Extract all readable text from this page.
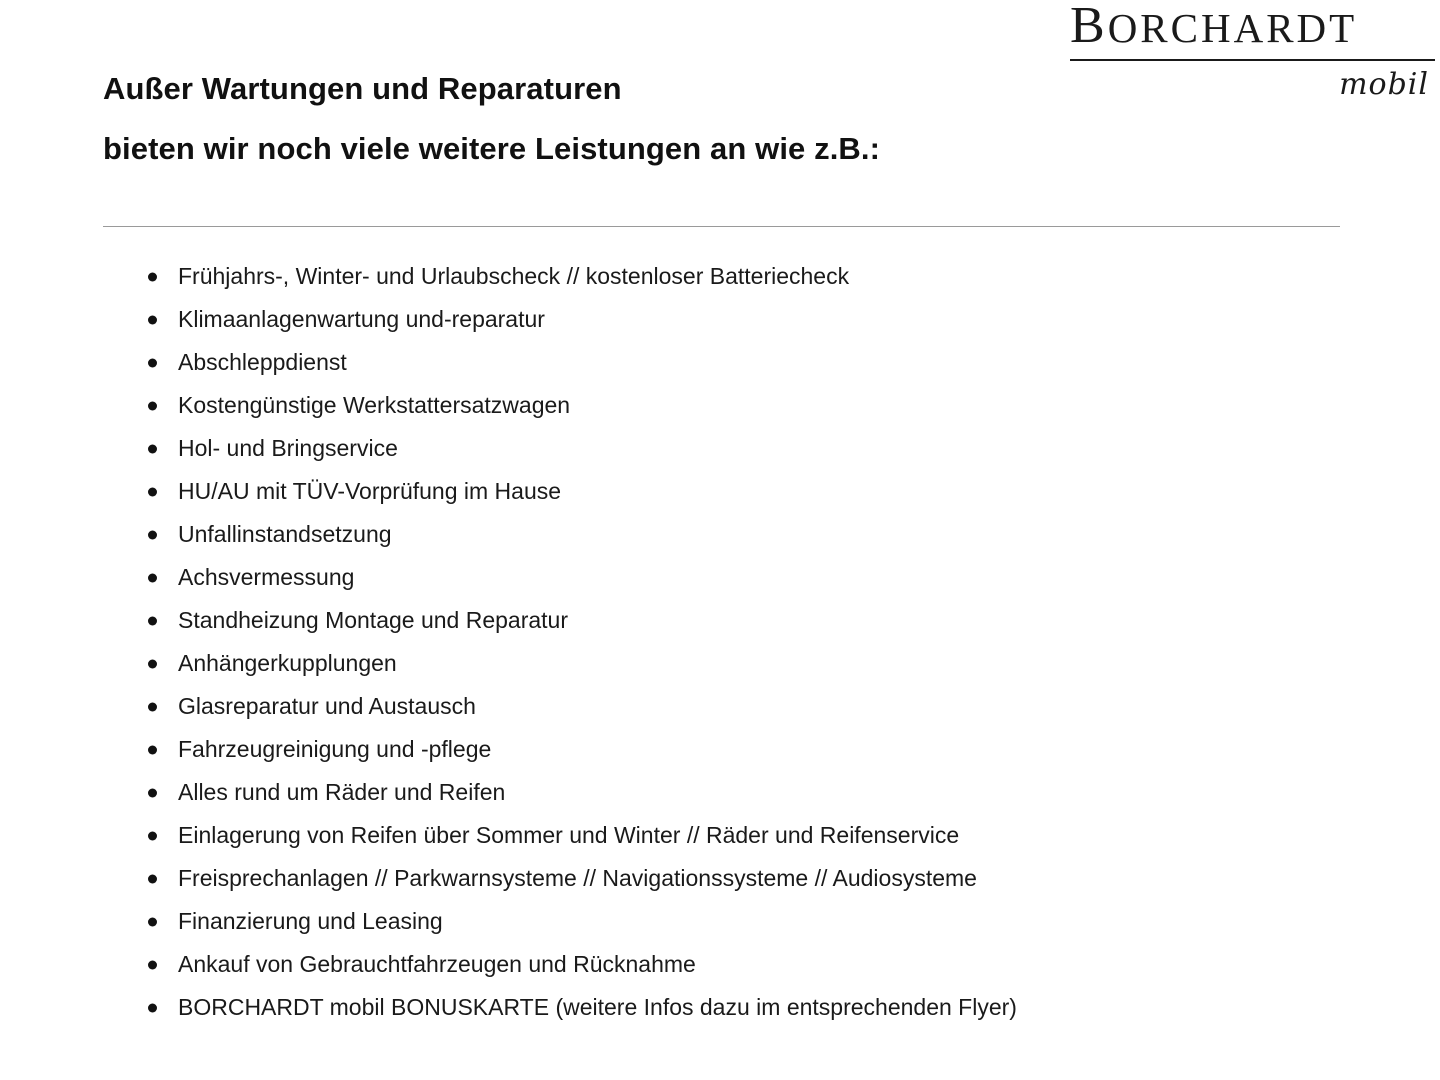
Außer Wartungen und Reparaturen
bieten wir noch viele weitere Leistungen an wie z.B.:
BORCHARDT
mobil
Frühjahrs-, Winter- und Urlaubscheck // kostenloser Batteriecheck
Klimaanlagenwartung und-reparatur
Abschleppdienst
Kostengünstige Werkstattersatzwagen
Hol- und Bringservice
HU/AU mit TÜV-Vorprüfung im Hause
Unfallinstandsetzung
Achsvermessung
Standheizung Montage und Reparatur
Anhängerkupplungen
Glasreparatur und Austausch
Fahrzeugreinigung und -pflege
Alles rund um Räder und Reifen
Einlagerung von Reifen über Sommer und Winter // Räder und Reifenservice
Freisprechanlagen // Parkwarnsysteme // Navigationssysteme // Audiosysteme
Finanzierung und Leasing
Ankauf von Gebrauchtfahrzeugen und Rücknahme
BORCHARDT mobil BONUSKARTE (weitere Infos dazu im entsprechenden Flyer)
